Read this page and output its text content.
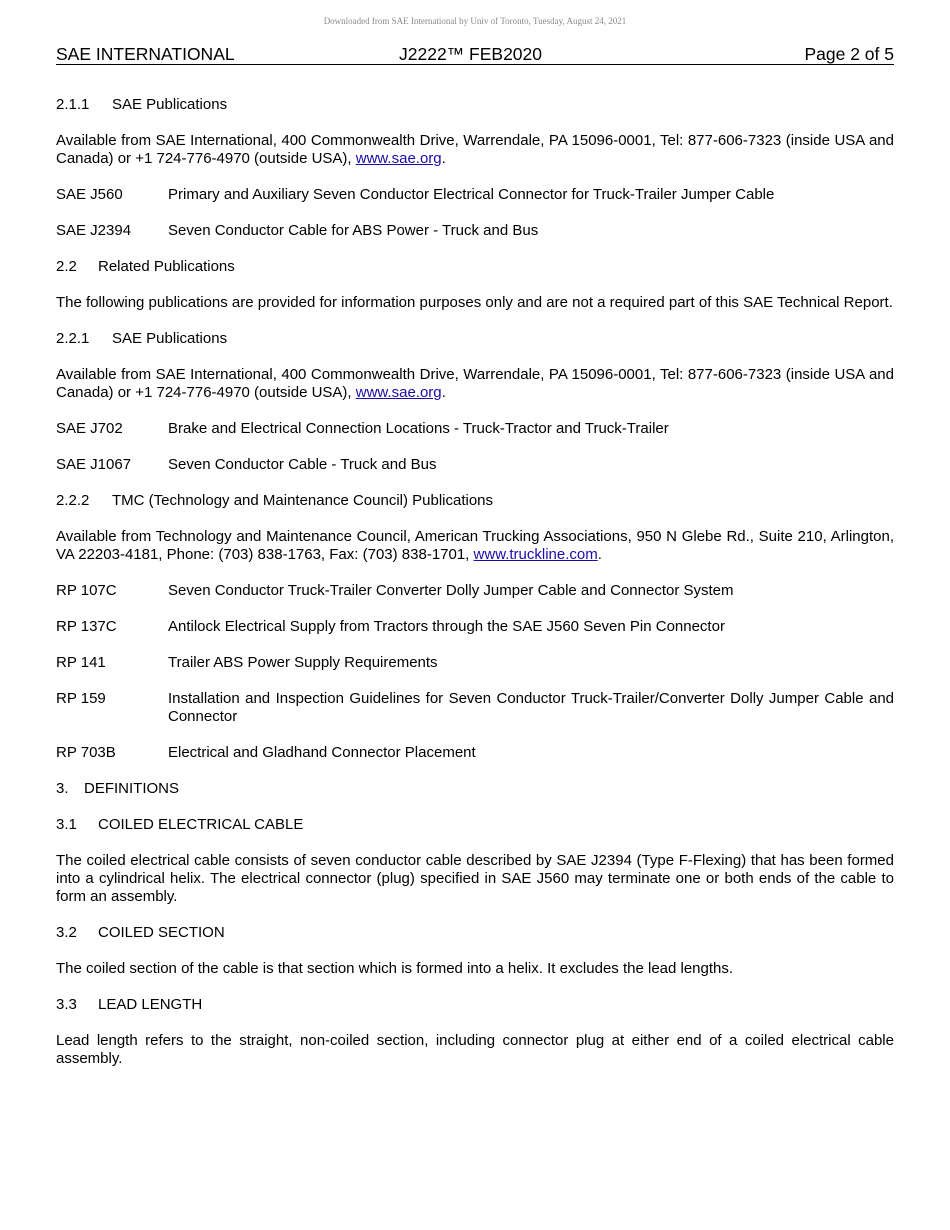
Downloaded from SAE International by Univ of Toronto, Tuesday, August 24, 2021
SAE INTERNATIONAL	J2222™ FEB2020	Page 2 of 5
2.1.1 SAE Publications

Available from SAE International, 400 Commonwealth Drive, Warrendale, PA 15096-0001, Tel: 877-606-7323 (inside USA and Canada) or +1 724-776-4970 (outside USA), www.sae.org.

SAE J560	Primary and Auxiliary Seven Conductor Electrical Connector for Truck-Trailer Jumper Cable
SAE J2394	Seven Conductor Cable for ABS Power - Truck and Bus
2.2 Related Publications

The following publications are provided for information purposes only and are not a required part of this SAE Technical Report.

2.2.1 SAE Publications

Available from SAE International, 400 Commonwealth Drive, Warrendale, PA 15096-0001, Tel: 877-606-7323 (inside USA and Canada) or +1 724-776-4970 (outside USA), www.sae.org.

SAE J702	Brake and Electrical Connection Locations - Truck-Tractor and Truck-Trailer
SAE J1067	Seven Conductor Cable - Truck and Bus
2.2.2 TMC (Technology and Maintenance Council) Publications

Available from Technology and Maintenance Council, American Trucking Associations, 950 N Glebe Rd., Suite 210, Arlington, VA 22203-4181, Phone: (703) 838-1763, Fax: (703) 838-1701, www.truckline.com.

RP 107C	Seven Conductor Truck-Trailer Converter Dolly Jumper Cable and Connector System
RP 137C	Antilock Electrical Supply from Tractors through the SAE J560 Seven Pin Connector
RP 141	Trailer ABS Power Supply Requirements
RP 159	Installation and Inspection Guidelines for Seven Conductor Truck-Trailer/Converter Dolly Jumper Cable and Connector
RP 703B	Electrical and Gladhand Connector Placement
3. DEFINITIONS
3.1 COILED ELECTRICAL CABLE

The coiled electrical cable consists of seven conductor cable described by SAE J2394 (Type F-Flexing) that has been formed into a cylindrical helix. The electrical connector (plug) specified in SAE J560 may terminate one or both ends of the cable to form an assembly.

3.2 COILED SECTION

The coiled section of the cable is that section which is formed into a helix. It excludes the lead lengths.

3.3 LEAD LENGTH

Lead length refers to the straight, non-coiled section, including connector plug at either end of a coiled electrical cable assembly.
